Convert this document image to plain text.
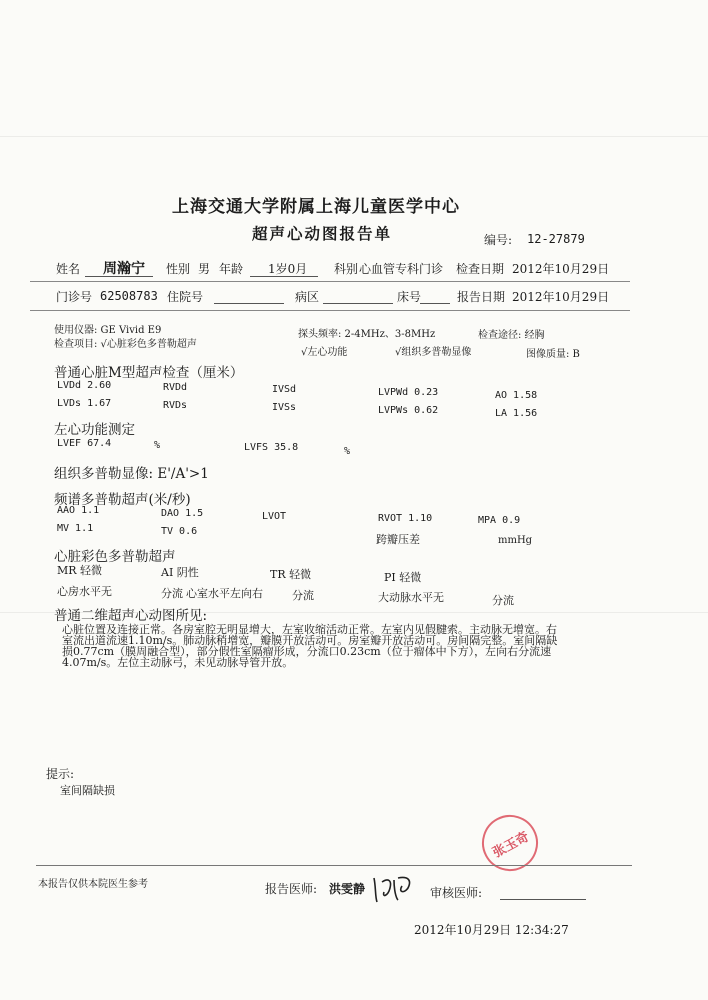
上海交通大学附属上海儿童医学中心
超声心动图报告单	编号: 12-27879
姓名 周瀚宁 性别 男 年龄 1岁0月 科别 心血管专科门诊 检查日期 2012年10月29日
门诊号 62508783 住院号	病区	床号	报告日期 2012年10月29日
使用仪器: GE Vivid E9	探头频率: 2-4MHz、3-8MHz	检查途径: 经胸
检查项目: √心脏彩色多普勒超声
√左心功能	√组织多普勒显像	图像质量: B
普通心脏M型超声检查（厘米）
LVDd 2.60	RVDd	IVSd	LVPWd 0.23	AO 1.58
LVDs 1.67	RVDs	IVSs	LVPWs 0.62	LA 1.56
左心功能测定
LVEF 67.4	%	LVFS 35.8	%
组织多普勒显像: E'/A'>1
频谱多普勒超声(米/秒)
AAO 1.1	DAO 1.5	LVOT	RVOT 1.10	MPA 0.9
MV 1.1	TV 0.6
跨瓣压差	mmHg
心脏彩色多普勒超声
MR 轻微	AI 阴性	TR 轻微	PI 轻微
心房水平无	分流 心室水平左向右	分流	大动脉水平无	分流
普通二维超声心动图所见:
心脏位置及连接正常。各房室腔无明显增大，左室收缩活动正常。左室内见假腱索。主动脉无增宽。右
室流出道流速1.10m/s。肺动脉稍增宽，瓣膜开放活动可。房室瓣开放活动可。房间隔完整。室间隔缺
损0.77cm（膜周融合型），部分假性室隔瘤形成，分流口0.23cm（位于瘤体中下方），左向右分流速
4.07m/s。左位主动脉弓，未见动脉导管开放。
提示:
室间隔缺损
张玉奇
本报告仅供本院医生参考	报告医师: 洪雯静	审核医师:
2012年10月29日 12:34:27
